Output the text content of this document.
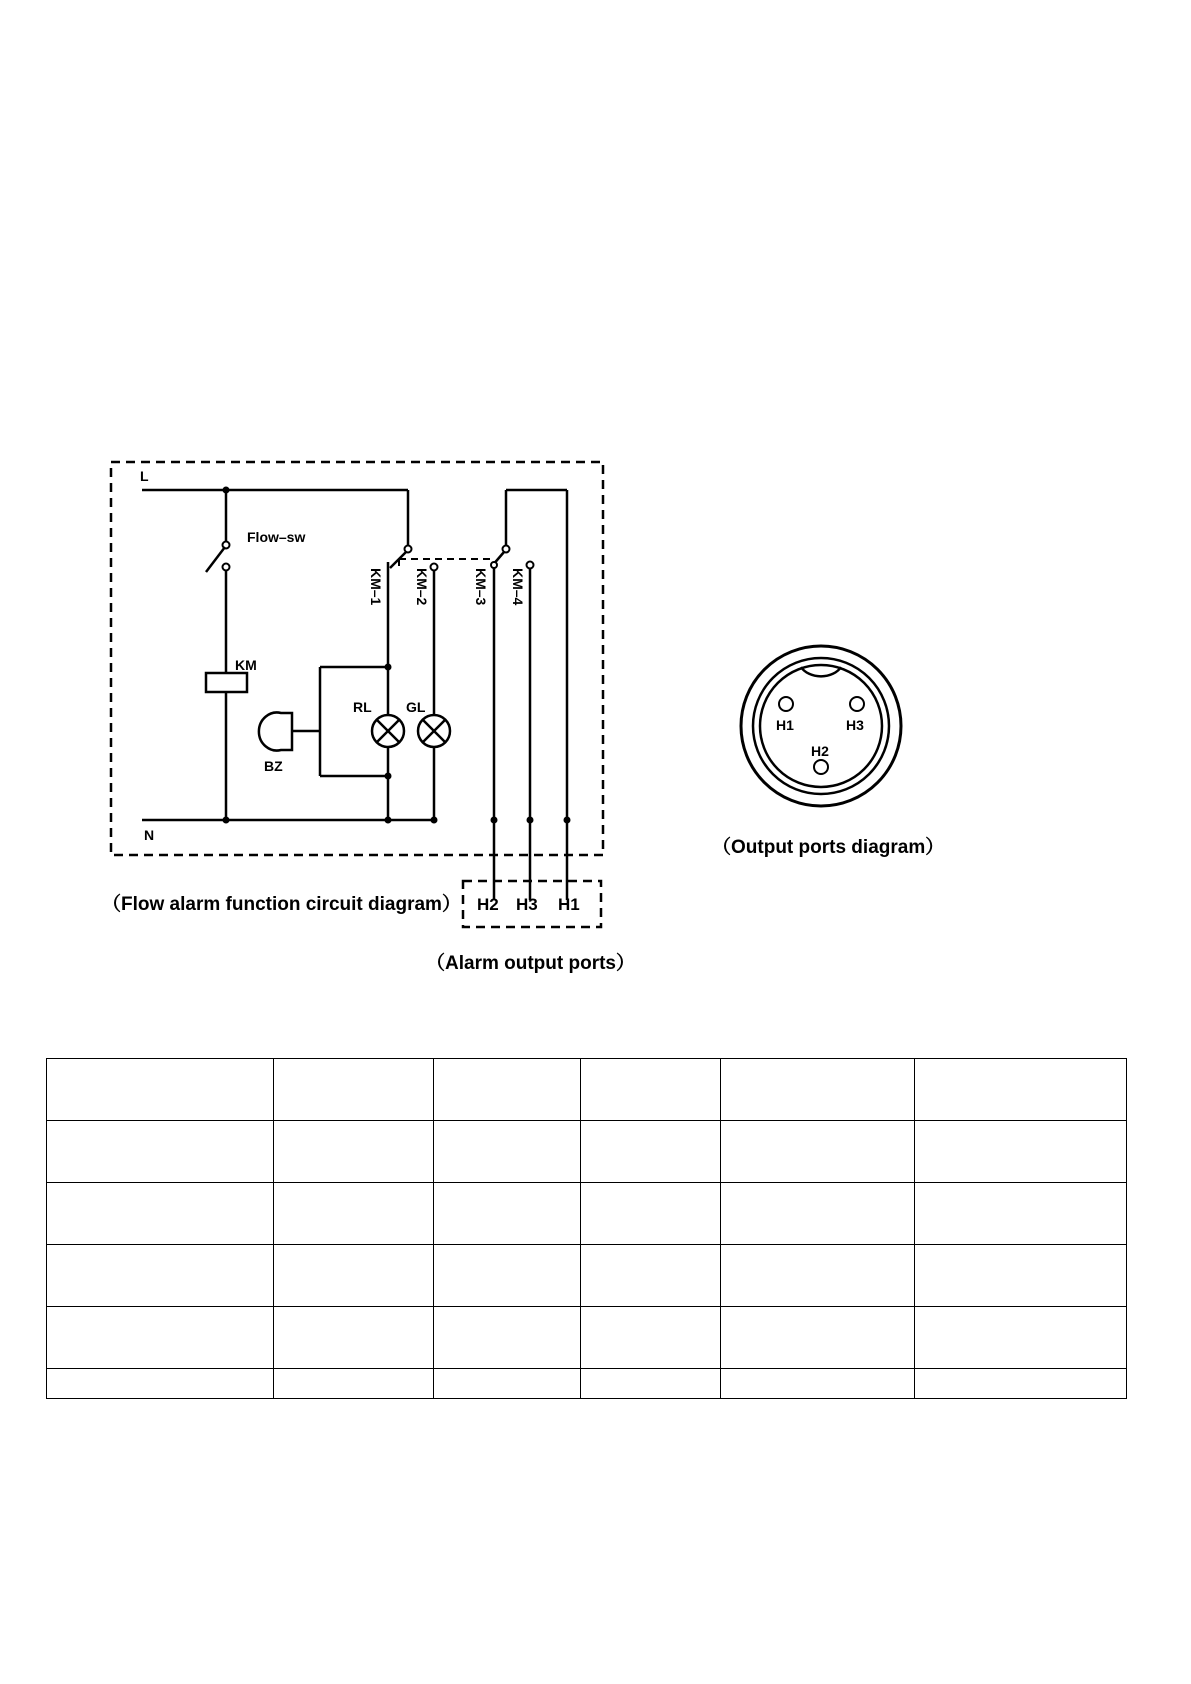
L
N
Flow–sw
KM
BZ
RL GL
KM–1 KM–2	KM–3 KM–4
H2 H3 H1
（Flow alarm function circuit diagram）
（Alarm output ports）
H1	H3
H2
（Output ports diagram）
